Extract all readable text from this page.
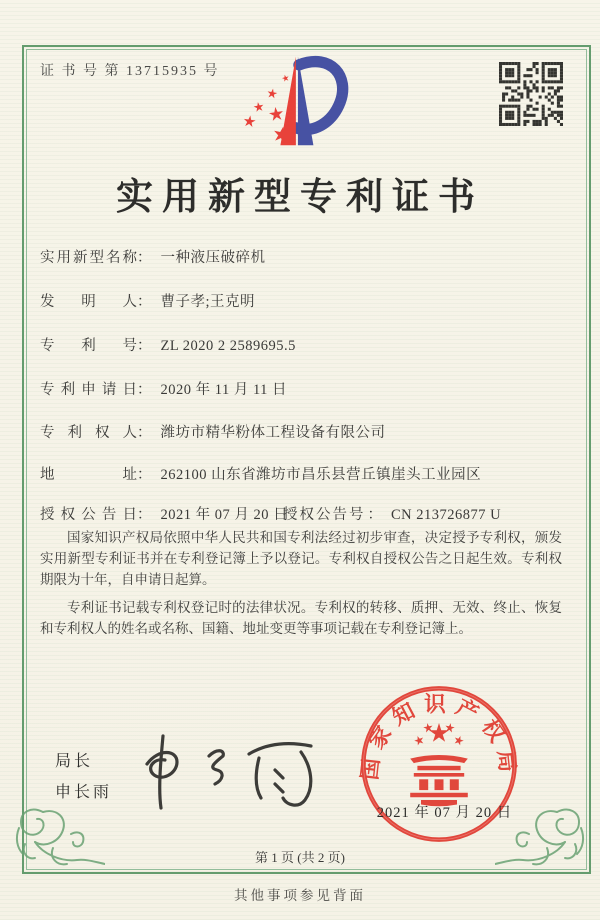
证 书 号 第 13715935 号
实用新型专利证书
实用新型名称： 一种液压破碎机
发明人： 曹子孝;王克明
专利号： ZL 2020 2 2589695.5
专利申请日： 2020 年 11 月 11 日
专利权人： 潍坊市精华粉体工程设备有限公司
地址： 262100 山东省潍坊市昌乐县营丘镇崖头工业园区
授权公告日： 2021 年 07 月 20 日
授权公告号 ： CN 213726877 U

国家知识产权局依照中华人民共和国专利法经过初步审查，决定授予专利权，颁发实用新型专利证书并在专利登记簿上予以登记。专利权自授权公告之日起生效。专利权期限为十年，自申请日起算。

专利证书记载专利权登记时的法律状况。专利权的转移、质押、无效、终止、恢复和专利权人的姓名或名称、国籍、地址变更等事项记载在专利登记簿上。

局长
申长雨
国家知识产权局
2021 年 07 月 20 日
第 1 页 (共 2 页)
其他事项参见背面
